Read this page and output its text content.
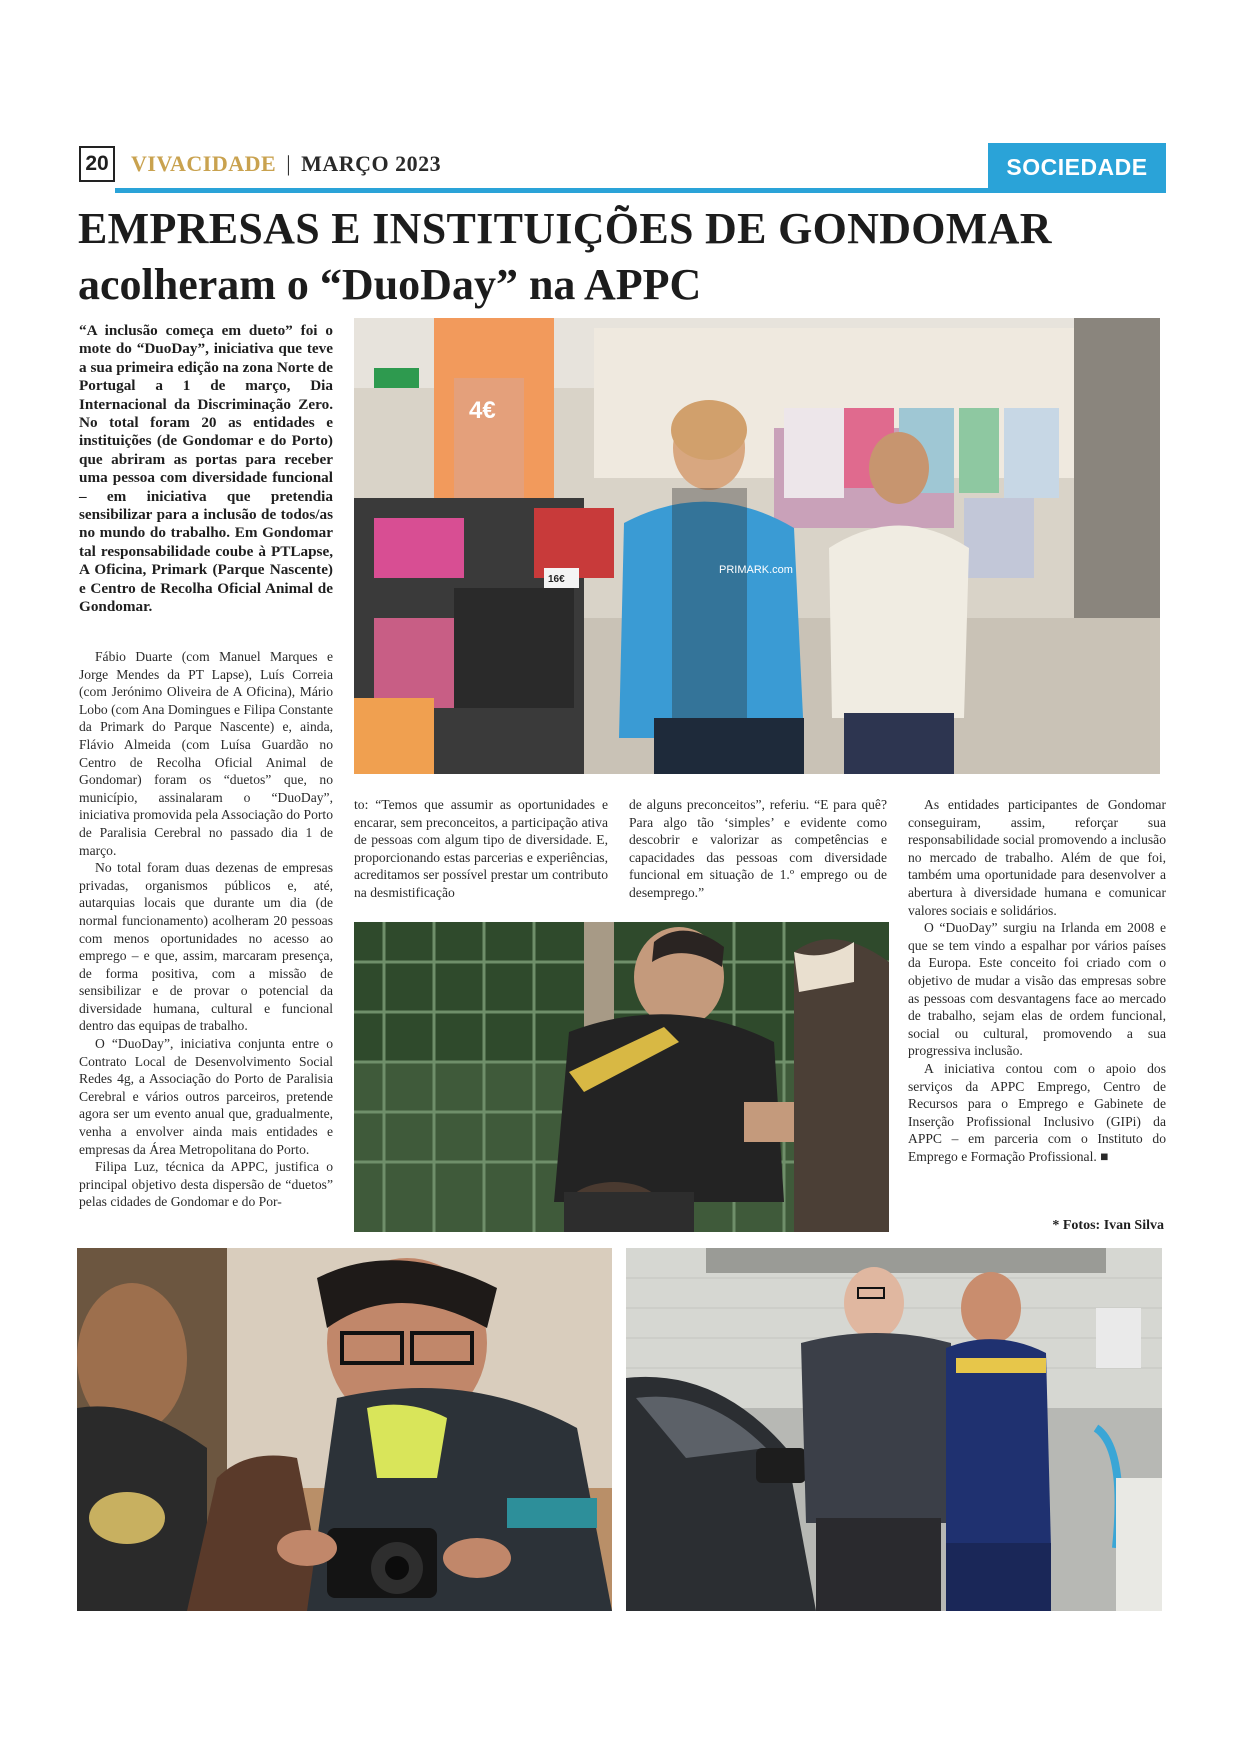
20 VIVACIDADE | MARÇO 2023	SOCIEDADE
EMPRESAS E INSTITUIÇÕES DE GONDOMAR
acolheram o “DuoDay” na APPC
“A inclusão começa em dueto” foi o mote do “DuoDay”, iniciativa que teve a sua primeira edição na zona Norte de Portugal a 1 de março, Dia Internacional da Discriminação Zero. No total foram 20 as entidades e instituições (de Gondomar e do Porto) que abriram as portas para receber uma pessoa com diversidade funcional – em iniciativa que pretendia sensibilizar para a inclusão de todos/as no mundo do trabalho. Em Gondomar tal responsabilidade coube à PTLapse, A Oficina, Primark (Parque Nascente) e Centro de Recolha Oficial Animal de Gondomar.

Fábio Duarte (com Manuel Marques e Jorge Mendes da PT Lapse), Luís Correia (com Jerónimo Oliveira de A Oficina), Mário Lobo (com Ana Domingues e Filipa Constante da Primark do Parque Nascente) e, ainda, Flávio Almeida (com Luísa Guardão no Centro de Recolha Oficial Animal de Gondomar) foram os “duetos” que, no município, assinalaram o “DuoDay”, iniciativa promovida pela Associação do Porto de Paralisia Cerebral no passado dia 1 de março.

No total foram duas dezenas de empresas privadas, organismos públicos e, até, autarquias locais que durante um dia (de normal funcionamento) acolheram 20 pessoas com menos oportunidades no acesso ao emprego – e que, assim, marcaram presença, de forma positiva, com a missão de sensibilizar e de provar o potencial da diversidade humana, cultural e funcional dentro das equipas de trabalho.

O “DuoDay”, iniciativa conjunta entre o Contrato Local de Desenvolvimento Social Redes 4g, a Associação do Porto de Paralisia Cerebral e vários outros parceiros, pretende agora ser um evento anual que, gradualmente, venha a envolver ainda mais entidades e empresas da Área Metropolitana do Porto.

Filipa Luz, técnica da APPC, justifica o principal objetivo desta dispersão de “duetos” pelas cidades de Gondomar e do Por-

to: “Temos que assumir as oportunidades e encarar, sem preconceitos, a participação ativa de pessoas com algum tipo de diversidade. E, proporcionando estas parcerias e experiências, acreditamos ser possível prestar um contributo na desmistificação

de alguns preconceitos”, referiu. “E para quê? Para algo tão ‘simples’ e evidente como descobrir e valorizar as competências e capacidades das pessoas com diversidade funcional em situação de 1.º emprego ou de desemprego.”

As entidades participantes de Gondomar conseguiram, assim, reforçar sua responsabilidade social promovendo a inclusão no mercado de trabalho. Além de que foi, também uma oportunidade para desenvolver a abertura à diversidade humana e comunicar valores sociais e solidários.

O “DuoDay” surgiu na Irlanda em 2008 e que se tem vindo a espalhar por vários países da Europa. Este conceito foi criado com o objetivo de mudar a visão das empresas sobre as pessoas com desvantagens face ao mercado de trabalho, sejam elas de ordem funcional, social ou cultural, promovendo a sua progressiva inclusão.

A iniciativa contou com o apoio dos serviços da APPC Emprego, Centro de Recursos para o Emprego e Gabinete de Inserção Profissional Inclusivo (GIPi) da APPC – em parceria com o Instituto do Emprego e Formação Profissional. ■

* Fotos: Ivan Silva
4€
16€
PRIMARK.com
